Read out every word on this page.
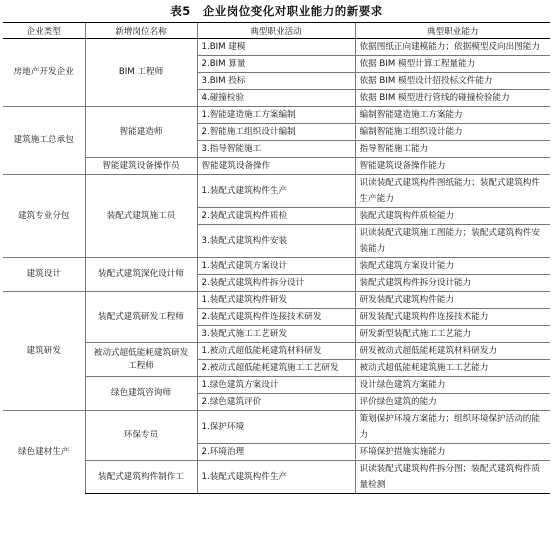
表5　企业岗位变化对职业能力的新要求
企业类型	新增岗位名称	典型职业活动	典型职业能力
房地产开发企业	BIM 工程师	1.BIM 建模	依据图纸正向建模能力；依据模型反向出图能力

		2.BIM 算量	依据 BIM 模型计算工程量能力
		3.BIM 投标	依据 BIM 模型设计招投标文件能力
		4.碰撞检验	依据 BIM 模型进行管线的碰撞检验能力
建筑施工总承包	智能建造师	1.智能建造施工方案编制	编制智能建造施工方案能力
		2.智能施工组织设计编制	编制智能施工组织设计能力
		3.指导智能施工	指导智能施工能力
	智能建筑设备操作员	智能建筑设备操作	智能建筑设备操作能力
建筑专业分包	装配式建筑施工员	1.装配式建筑构件生产	识读装配式建筑构件图纸能力；装配式建筑构件生产能力

		2.装配式建筑构件质检	装配式建筑构件质检能力
		3.装配式建筑构件安装	识读装配式建筑施工图能力；装配式建筑构件安装能力

建筑设计	装配式建筑深化设计师	1.装配式建筑方案设计	装配式建筑方案设计能力
		2.装配式建筑构件拆分设计	装配式建筑构件拆分设计能力
建筑研发	装配式建筑研发工程师	1.装配式建筑构件研发	研发装配式建筑构件能力
		2.装配式建筑构件连接技术研发	研发装配式建筑构件连接技术能力
		3.装配式施工工艺研发	研发新型装配式施工工艺能力
	被动式超低能耗建筑研发工程师	1.被动式超低能耗建筑材料研发	研发被动式超低能耗建筑材料研发力
		2.被动式超低能耗建筑施工工艺研发	被动式超低能耗建筑施工工艺能力
	绿色建筑咨询师	1.绿色建筑方案设计	设计绿色建筑方案能力
		2.绿色建筑评价	评价绿色建筑的能力
绿色建材生产	环保专员	1.保护环境	策划保护环境方案能力；组织环境保护活动的能力

		2.环境治理	环境保护措施实施能力
	装配式建筑构件制作工	1.装配式建筑构件生产	识读装配式建筑构件拆分图；装配式建筑构件质量检测
